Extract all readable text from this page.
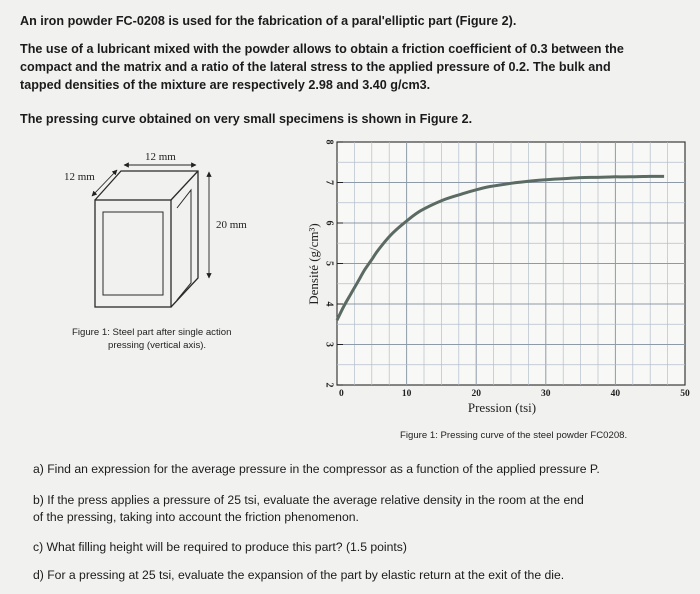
An iron powder FC-0208 is used for the fabrication of a paral'elliptic part (Figure 2).
The use of a lubricant mixed with the powder allows to obtain a friction coefficient of 0.3 between the
compact and the matrix and a ratio of the lateral stress to the applied pressure of 0.2. The bulk and
tapped densities of the mixture are respectively 2.98 and 3.40 g/cm3.
The pressing curve obtained on very small specimens is shown in Figure 2.
12 mm
12 mm
20 mm
Figure 1: Steel part after single action
pressing (vertical axis).
2
3
4
5
6
7
8
0	10	20	30	40	50
Densité (g/cm³)
Pression (tsi)
Figure 1: Pressing curve of the steel powder FC0208.
a) Find an expression for the average pressure in the compressor as a function of the applied pressure P.
b) If the press applies a pressure of 25 tsi, evaluate the average relative density in the room at the end
of the pressing, taking into account the friction phenomenon.
c) What filling height will be required to produce this part? (1.5 points)
d) For a pressing at 25 tsi, evaluate the expansion of the part by elastic return at the exit of the die.
